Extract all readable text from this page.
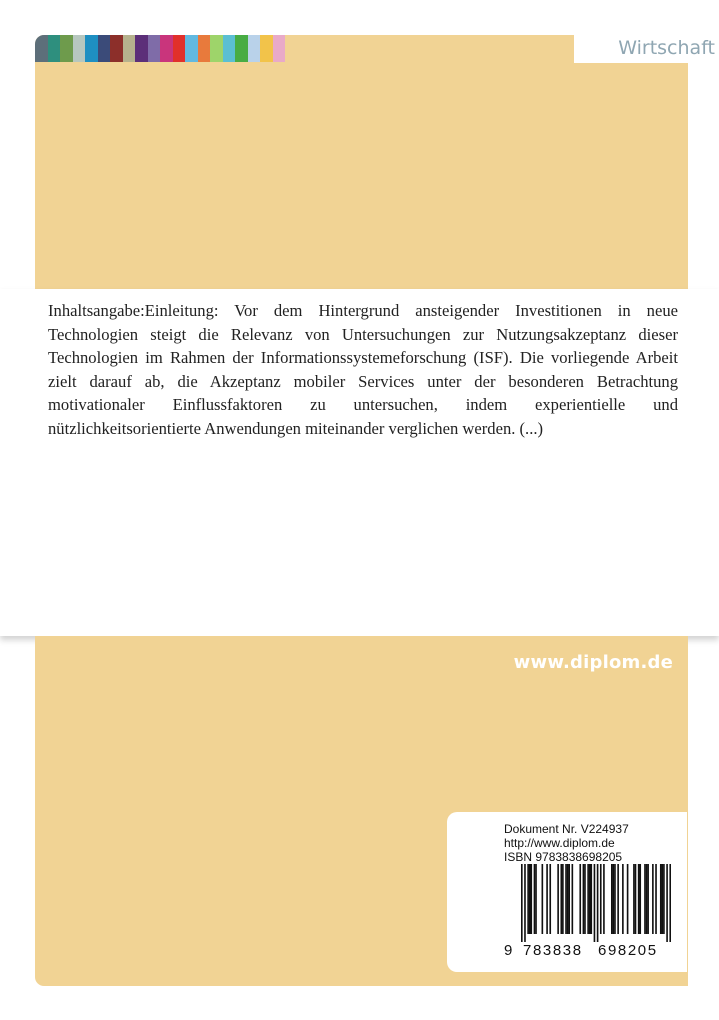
Wirtschaft

Inhaltsangabe:Einleitung: Vor dem Hintergrund ansteigender Investitionen in neue Technologien steigt die Relevanz von Untersuchungen zur Nutzungsakzeptanz dieser Technologien im Rahmen der Informationssystemeforschung (ISF). Die vorliegende Arbeit zielt darauf ab, die Akzeptanz mobiler Services unter der besonderen Betrachtung motivationaler Einflussfaktoren zu untersuchen, indem experientielle und nützlichkeitsorientierte Anwendungen miteinander verglichen werden. (...)

www.diplom.de
Dokument Nr. V224937
http://www.diplom.de
ISBN 9783838698205
9 783838 698205
